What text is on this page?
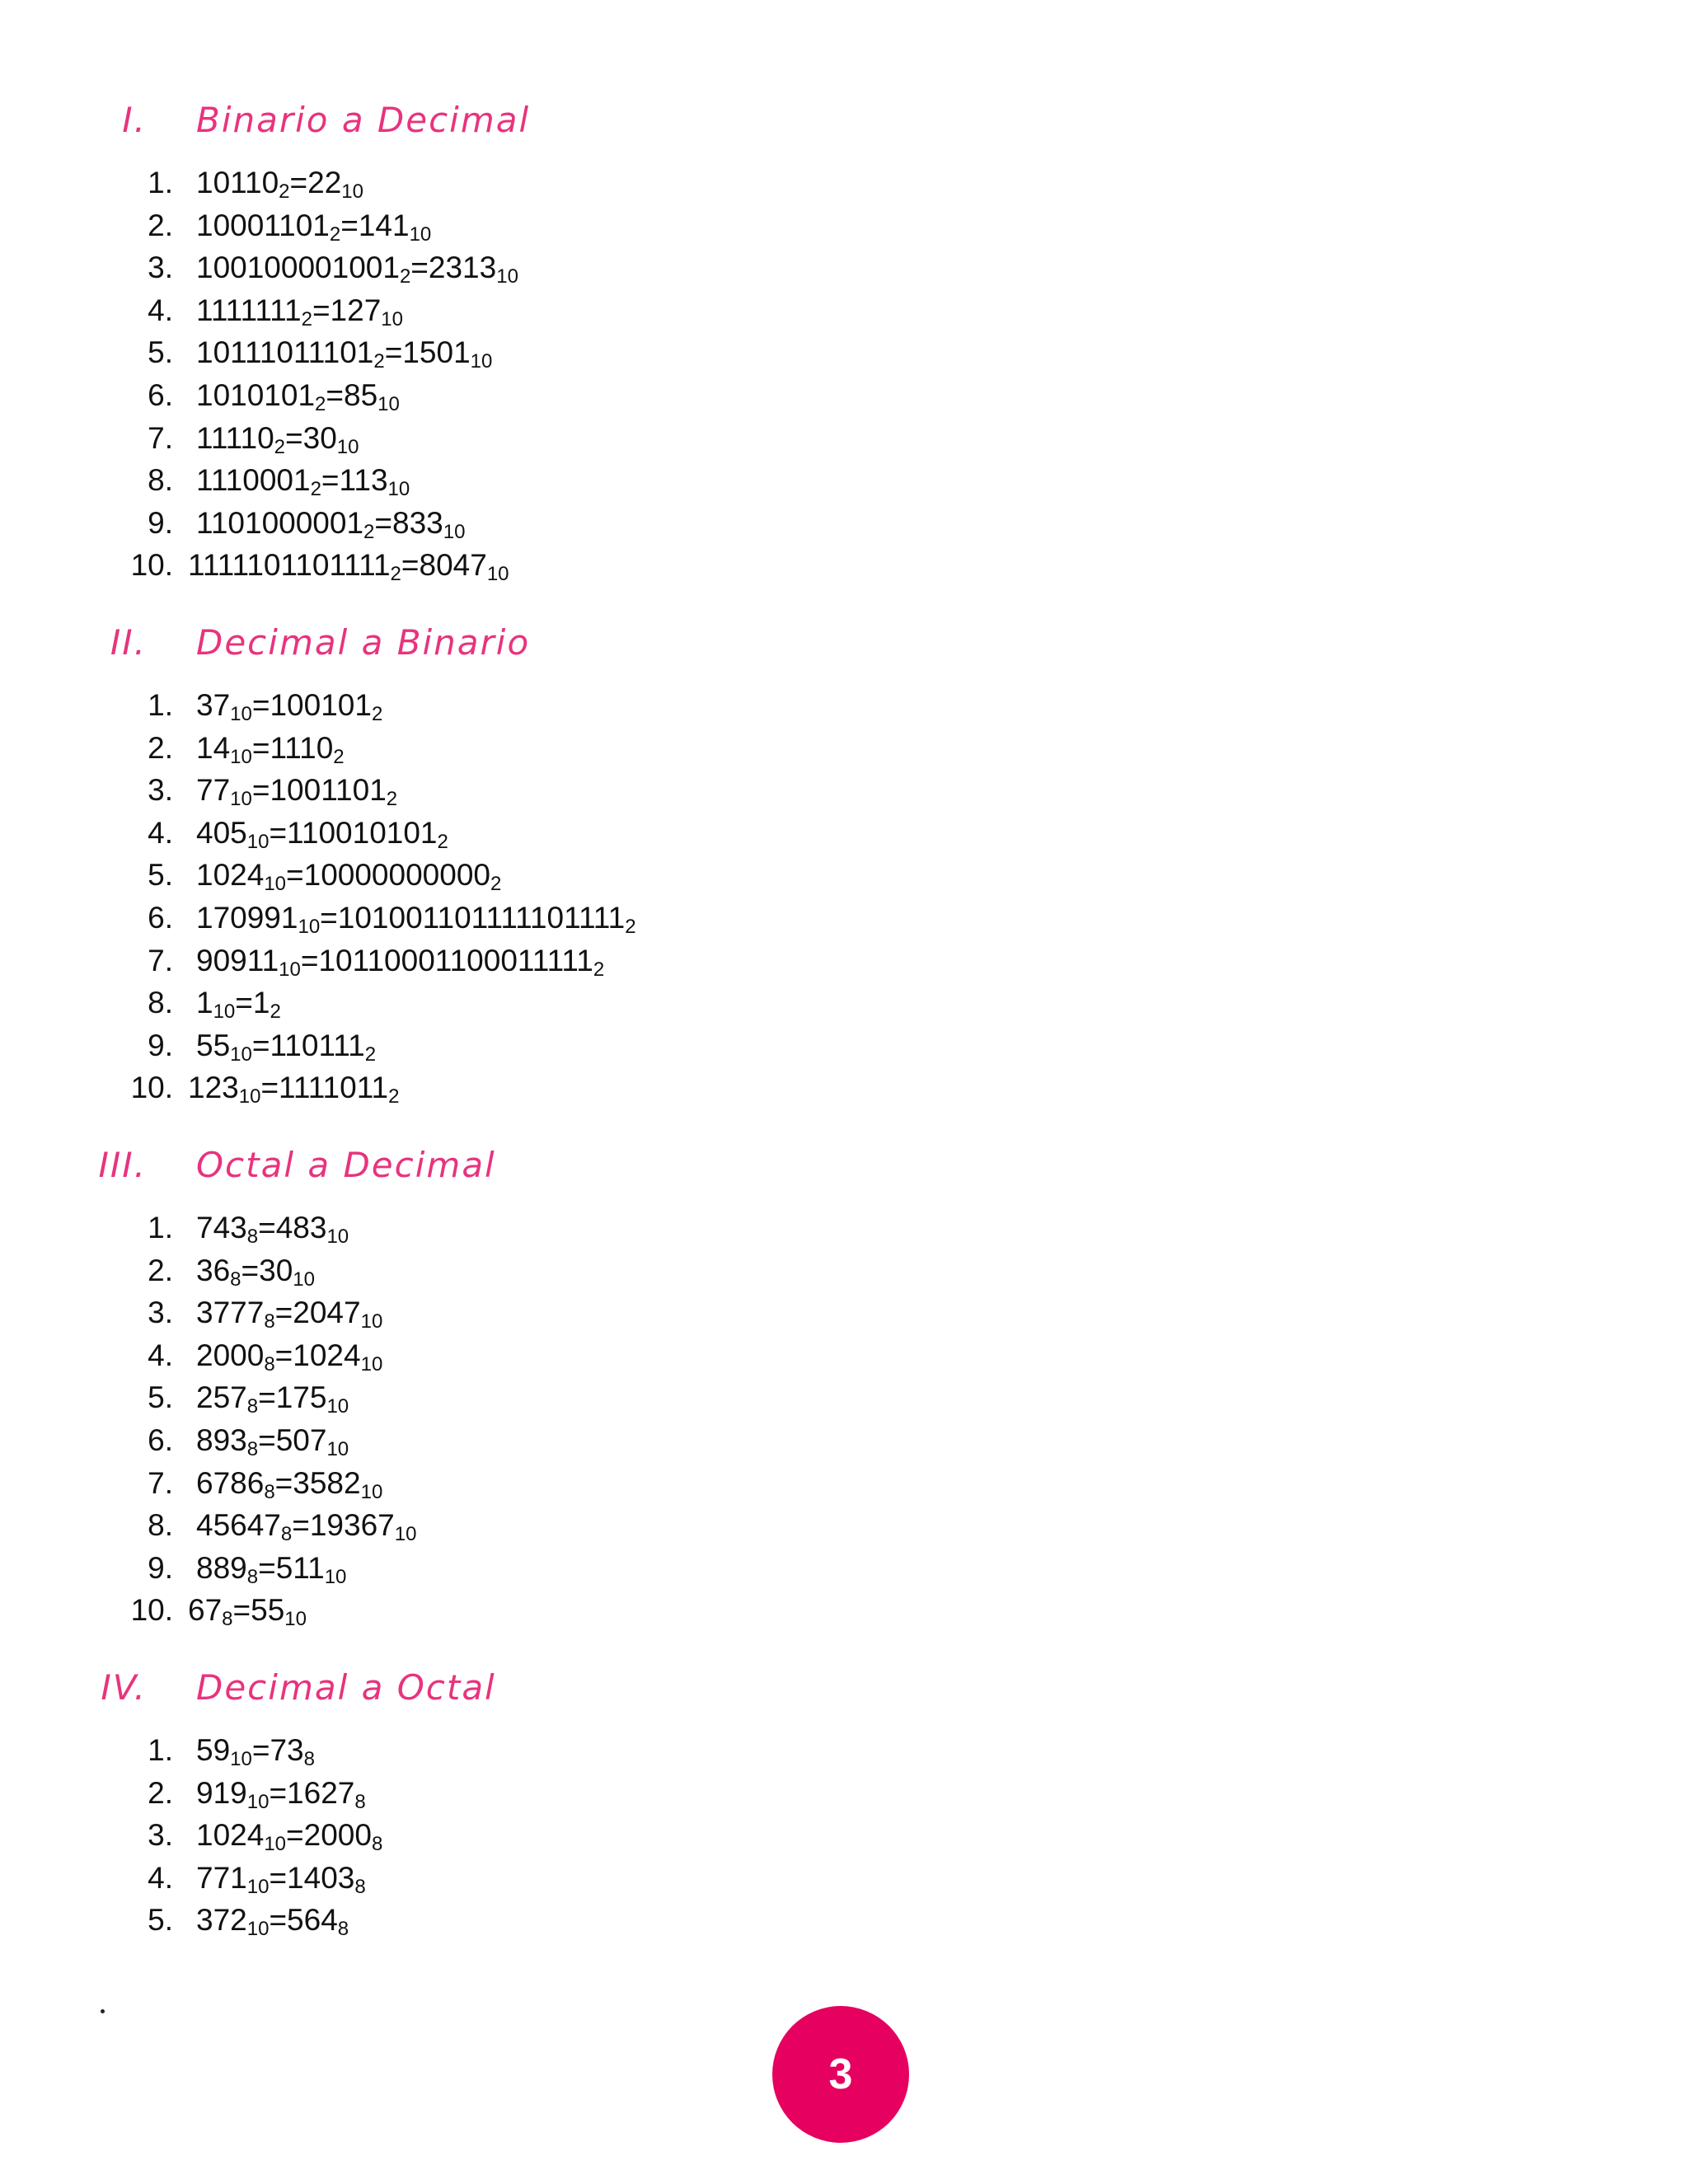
I. Binario a Decimal
1. $10110_2=22_{10}$
2. $10001101_2=141_{10}$
3. $100100001001_2=2313_{10}$
4. $1111111_2=127_{10}$
5. $10111011101_2=1501_{10}$
6. $1010101_2=85_{10}$
7. $11110_2=30_{10}$
8. $1110001_2=113_{10}$
9. $1101000001_2=833_{10}$
10. $1111101101111_2=8047_{10}$
II. Decimal a Binario
1. $37_{10}=100101_2$
2. $14_{10}=1110_2$
3. $77_{10}=1001101_2$
4. $405_{10}=110010101_2$
5. $1024_{10}=10000000000_2$
6. $170991_{10}=101001101111101111_2$
7. $90911_{10}=10110001100011111_2$
8. $1_{10}=1_2$
9. $55_{10}=110111_2$
10. $123_{10}=1111011_2$
III. Octal a Decimal
1. $743_8=483_{10}$
2. $36_8=30_{10}$
3. $3777_8=2047_{10}$
4. $2000_8=1024_{10}$
5. $257_8=175_{10}$
6. $893_8=507_{10}$
7. $6786_8=3582_{10}$
8. $45647_8=19367_{10}$
9. $889_8=511_{10}$
10. $67_8=55_{10}$
IV. Decimal a Octal
1. $59_{10}=73_8$
2. $919_{10}=1627_8$
3. $1024_{10}=2000_8$
4. $771_{10}=1403_8$
5. $372_{10}=564_8$
3
